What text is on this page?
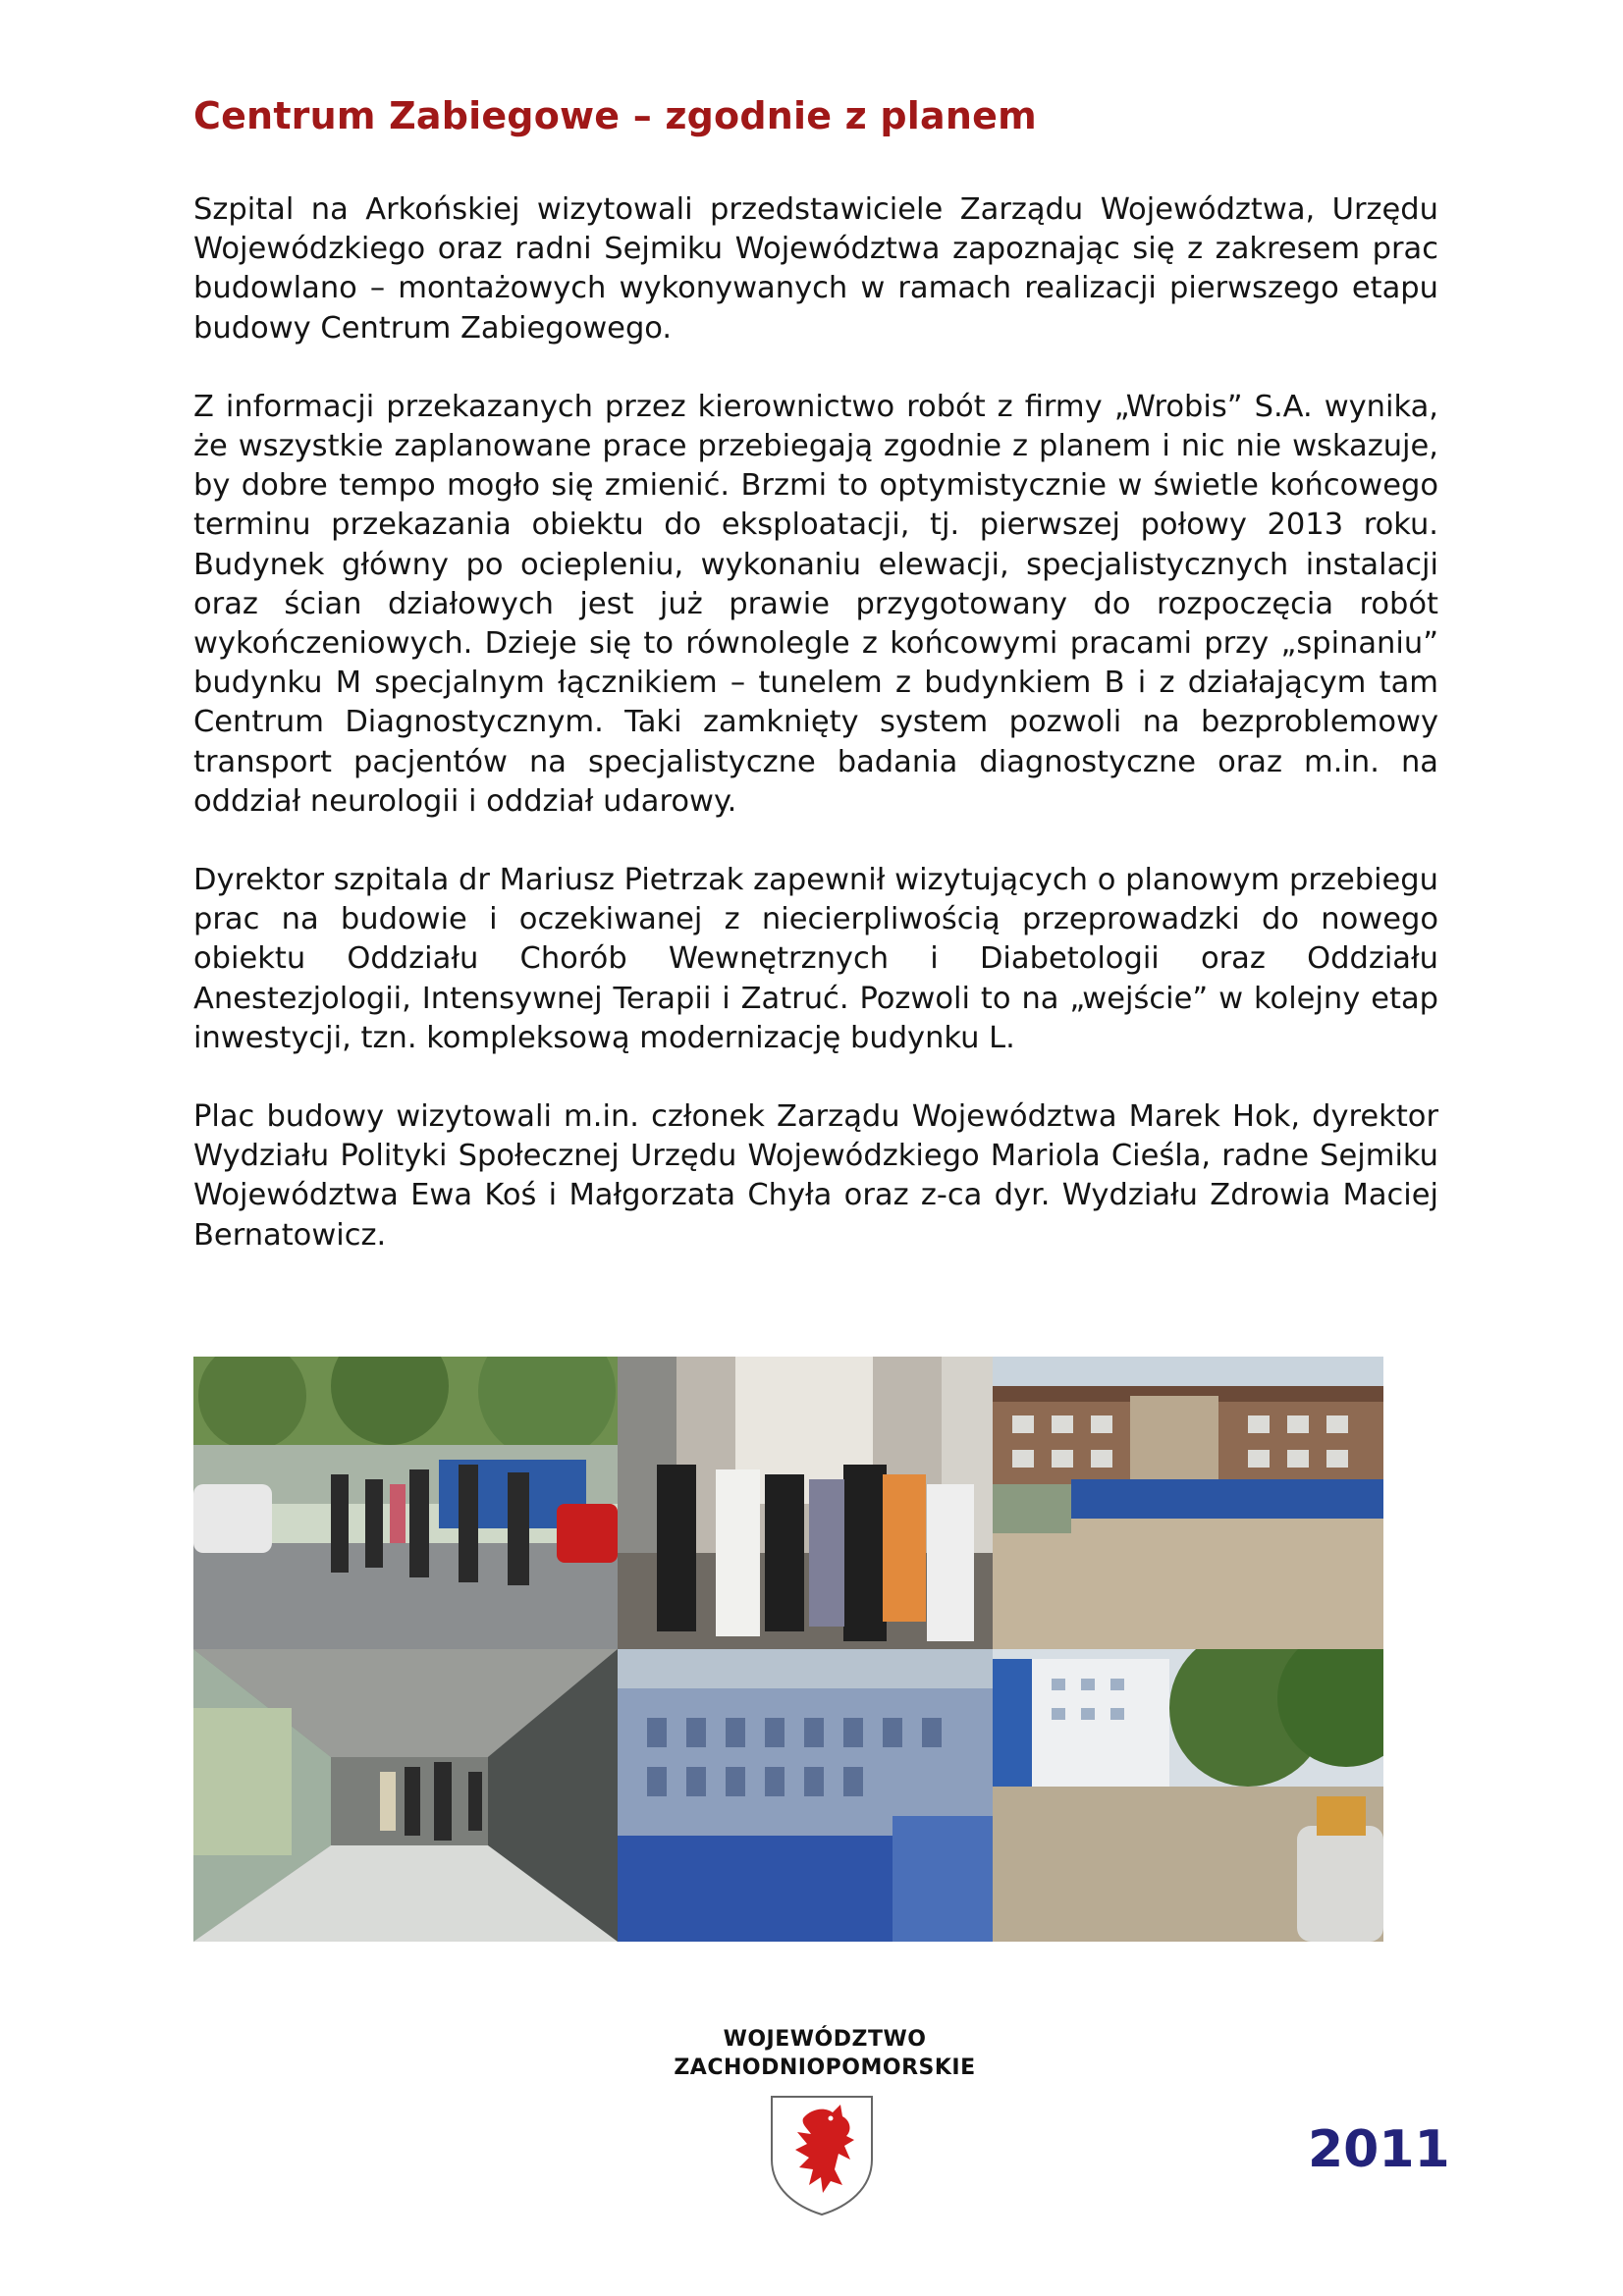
Centrum Zabiegowe – zgodnie z planem

Szpital na Arkońskiej wizytowali przedstawiciele Zarządu Województwa, Urzędu Wojewódzkiego oraz radni Sejmiku Województwa zapoznając się z zakresem prac budowlano – montażowych wykonywanych w ramach realizacji pierwszego etapu budowy Centrum Zabiegowego.

Z informacji przekazanych przez kierownictwo robót z firmy „Wrobis” S.A. wynika, że wszystkie zaplanowane prace przebiegają zgodnie z planem i nic nie wskazuje, by dobre tempo mogło się zmienić. Brzmi to optymistycznie w świetle końcowego terminu przekazania obiektu do eksploatacji, tj. pierwszej połowy 2013 roku. Budynek główny po ociepleniu, wykonaniu elewacji, specjalistycznych instalacji oraz ścian działowych jest już prawie przygotowany do rozpoczęcia robót wykończeniowych. Dzieje się to równolegle z końcowymi pracami przy „spinaniu” budynku M specjalnym łącznikiem – tunelem z budynkiem B i z działającym tam Centrum Diagnostycznym. Taki zamknięty system pozwoli na bezproblemowy transport pacjentów na specjalistyczne badania diagnostyczne oraz m.in. na oddział neurologii i oddział udarowy.

Dyrektor szpitala dr Mariusz Pietrzak zapewnił wizytujących o planowym przebiegu prac na budowie i oczekiwanej z niecierpliwością przeprowadzki do nowego obiektu Oddziału Chorób Wewnętrznych i Diabetologii oraz Oddziału Anestezjologii, Intensywnej Terapii i Zatruć. Pozwoli to na „wejście” w kolejny etap inwestycji, tzn. kompleksową modernizację budynku L.

Plac budowy wizytowali m.in. członek Zarządu Województwa Marek Hok, dyrektor Wydziału Polityki Społecznej Urzędu Wojewódzkiego Mariola Cieśla, radne Sejmiku Województwa Ewa Koś i Małgorzata Chyła oraz z-ca dyr. Wydziału Zdrowia Maciej Bernatowicz.

WOJEWÓDZTWO
ZACHODNIOPOMORSKIE
2011
